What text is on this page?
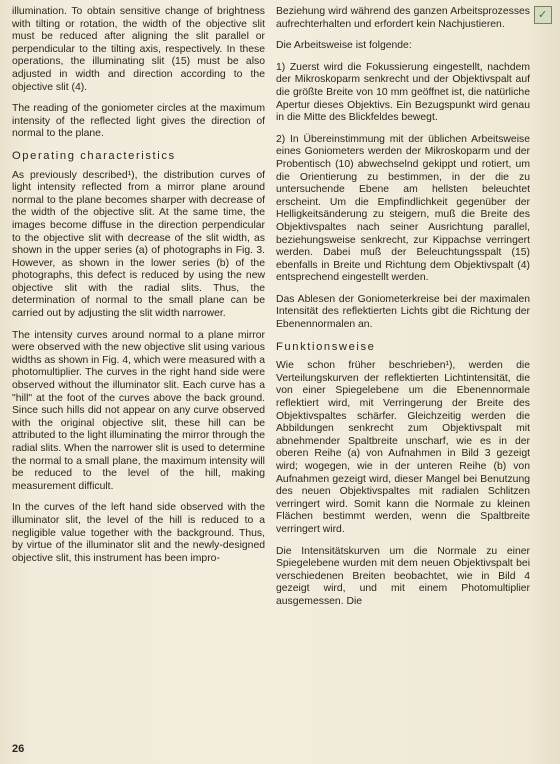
✓

illumination. To obtain sensitive change of brightness with tilting or rotation, the width of the objective slit must be reduced after aligning the slit parallel or perpendicular to the tilting axis, respectively. In these operations, the illuminating slit (15) must be also adjusted in width and direction according to the objective slit (4).

The reading of the goniometer circles at the maximum intensity of the reflected light gives the direction of normal to the plane.

Operating characteristics

As previously described¹), the distribution curves of light intensity reflected from a mirror plane around normal to the plane becomes sharper with decrease of the width of the objective slit. At the same time, the images become diffuse in the direction perpendicular to the objective slit with decrease of the slit width, as shown in the upper series (a) of photographs in Fig. 3. However, as shown in the lower series (b) of the photographs, this defect is reduced by using the new objective slit with the radial slits. Thus, the determination of normal to the small plane can be carried out by adjusting the slit width narrower.

The intensity curves around normal to a plane mirror were observed with the new objective slit using various widths as shown in Fig. 4, which were measured with a photomultiplier. The curves in the right hand side were observed without the illuminator slit. Each curve has a "hill" at the foot of the curves above the back ground. Since such hills did not appear on any curve observed with the original objective slit, these hill can be attributed to the light illuminating the mirror through the radial slits. When the narrower slit is used to determine the normal to a small plane, the maximum intensity will be reduced to the level of the hill, making measurement difficult.

In the curves of the left hand side observed with the illuminator slit, the level of the hill is reduced to a negligible value together with the background. Thus, by virtue of the illuminator slit and the newly-designed objective slit, this instrument has been impro-

Beziehung wird während des ganzen Arbeitsprozesses aufrechterhalten und erfordert kein Nachjustieren.

Die Arbeitsweise ist folgende:

1) Zuerst wird die Fokussierung eingestellt, nachdem der Mikroskoparm senkrecht und der Objektivspalt auf die größte Breite von 10 mm geöffnet ist, die natürliche Apertur dieses Objektivs. Ein Bezugspunkt wird genau in die Mitte des Blickfeldes bewegt.

2) In Übereinstimmung mit der üblichen Arbeitsweise eines Goniometers werden der Mikroskoparm und der Probentisch (10) abwechselnd gekippt und rotiert, um die Orientierung zu bestimmen, in der die zu untersuchende Ebene am hellsten beleuchtet erscheint. Um die Empfindlichkeit gegenüber der Helligkeitsänderung zu steigern, muß die Breite des Objektivspaltes nach seiner Ausrichtung parallel, beziehungsweise senkrecht, zur Kippachse verringert werden. Dabei muß der Beleuchtungsspalt (15) ebenfalls in Breite und Richtung dem Objektivspalt (4) entsprechend eingestellt werden.

Das Ablesen der Goniometerkreise bei der maximalen Intensität des reflektierten Lichts gibt die Richtung der Ebenennormalen an.

Funktionsweise

Wie schon früher beschrieben¹), werden die Verteilungskurven der reflektierten Lichtintensität, die von einer Spiegelebene um die Ebenennormale reflektiert wird, mit Verringerung der Breite des Objektivspaltes schärfer. Gleichzeitig werden die Abbildungen senkrecht zum Objektivspalt mit abnehmender Spaltbreite unscharf, wie es in der oberen Reihe (a) von Aufnahmen in Bild 3 gezeigt wird; wogegen, wie in der unteren Reihe (b) von Aufnahmen gezeigt wird, dieser Mangel bei Benutzung des neuen Objektivspaltes mit radialen Schlitzen verringert wird. Somit kann die Normale zu kleinen Flächen bestimmt werden, wenn die Spaltbreite verringert wird.

Die Intensitätskurven um die Normale zu einer Spiegelebene wurden mit dem neuen Objektivspalt bei verschiedenen Breiten beobachtet, wie in Bild 4 gezeigt wird, und mit einem Photomultiplier ausgemessen. Die

26
